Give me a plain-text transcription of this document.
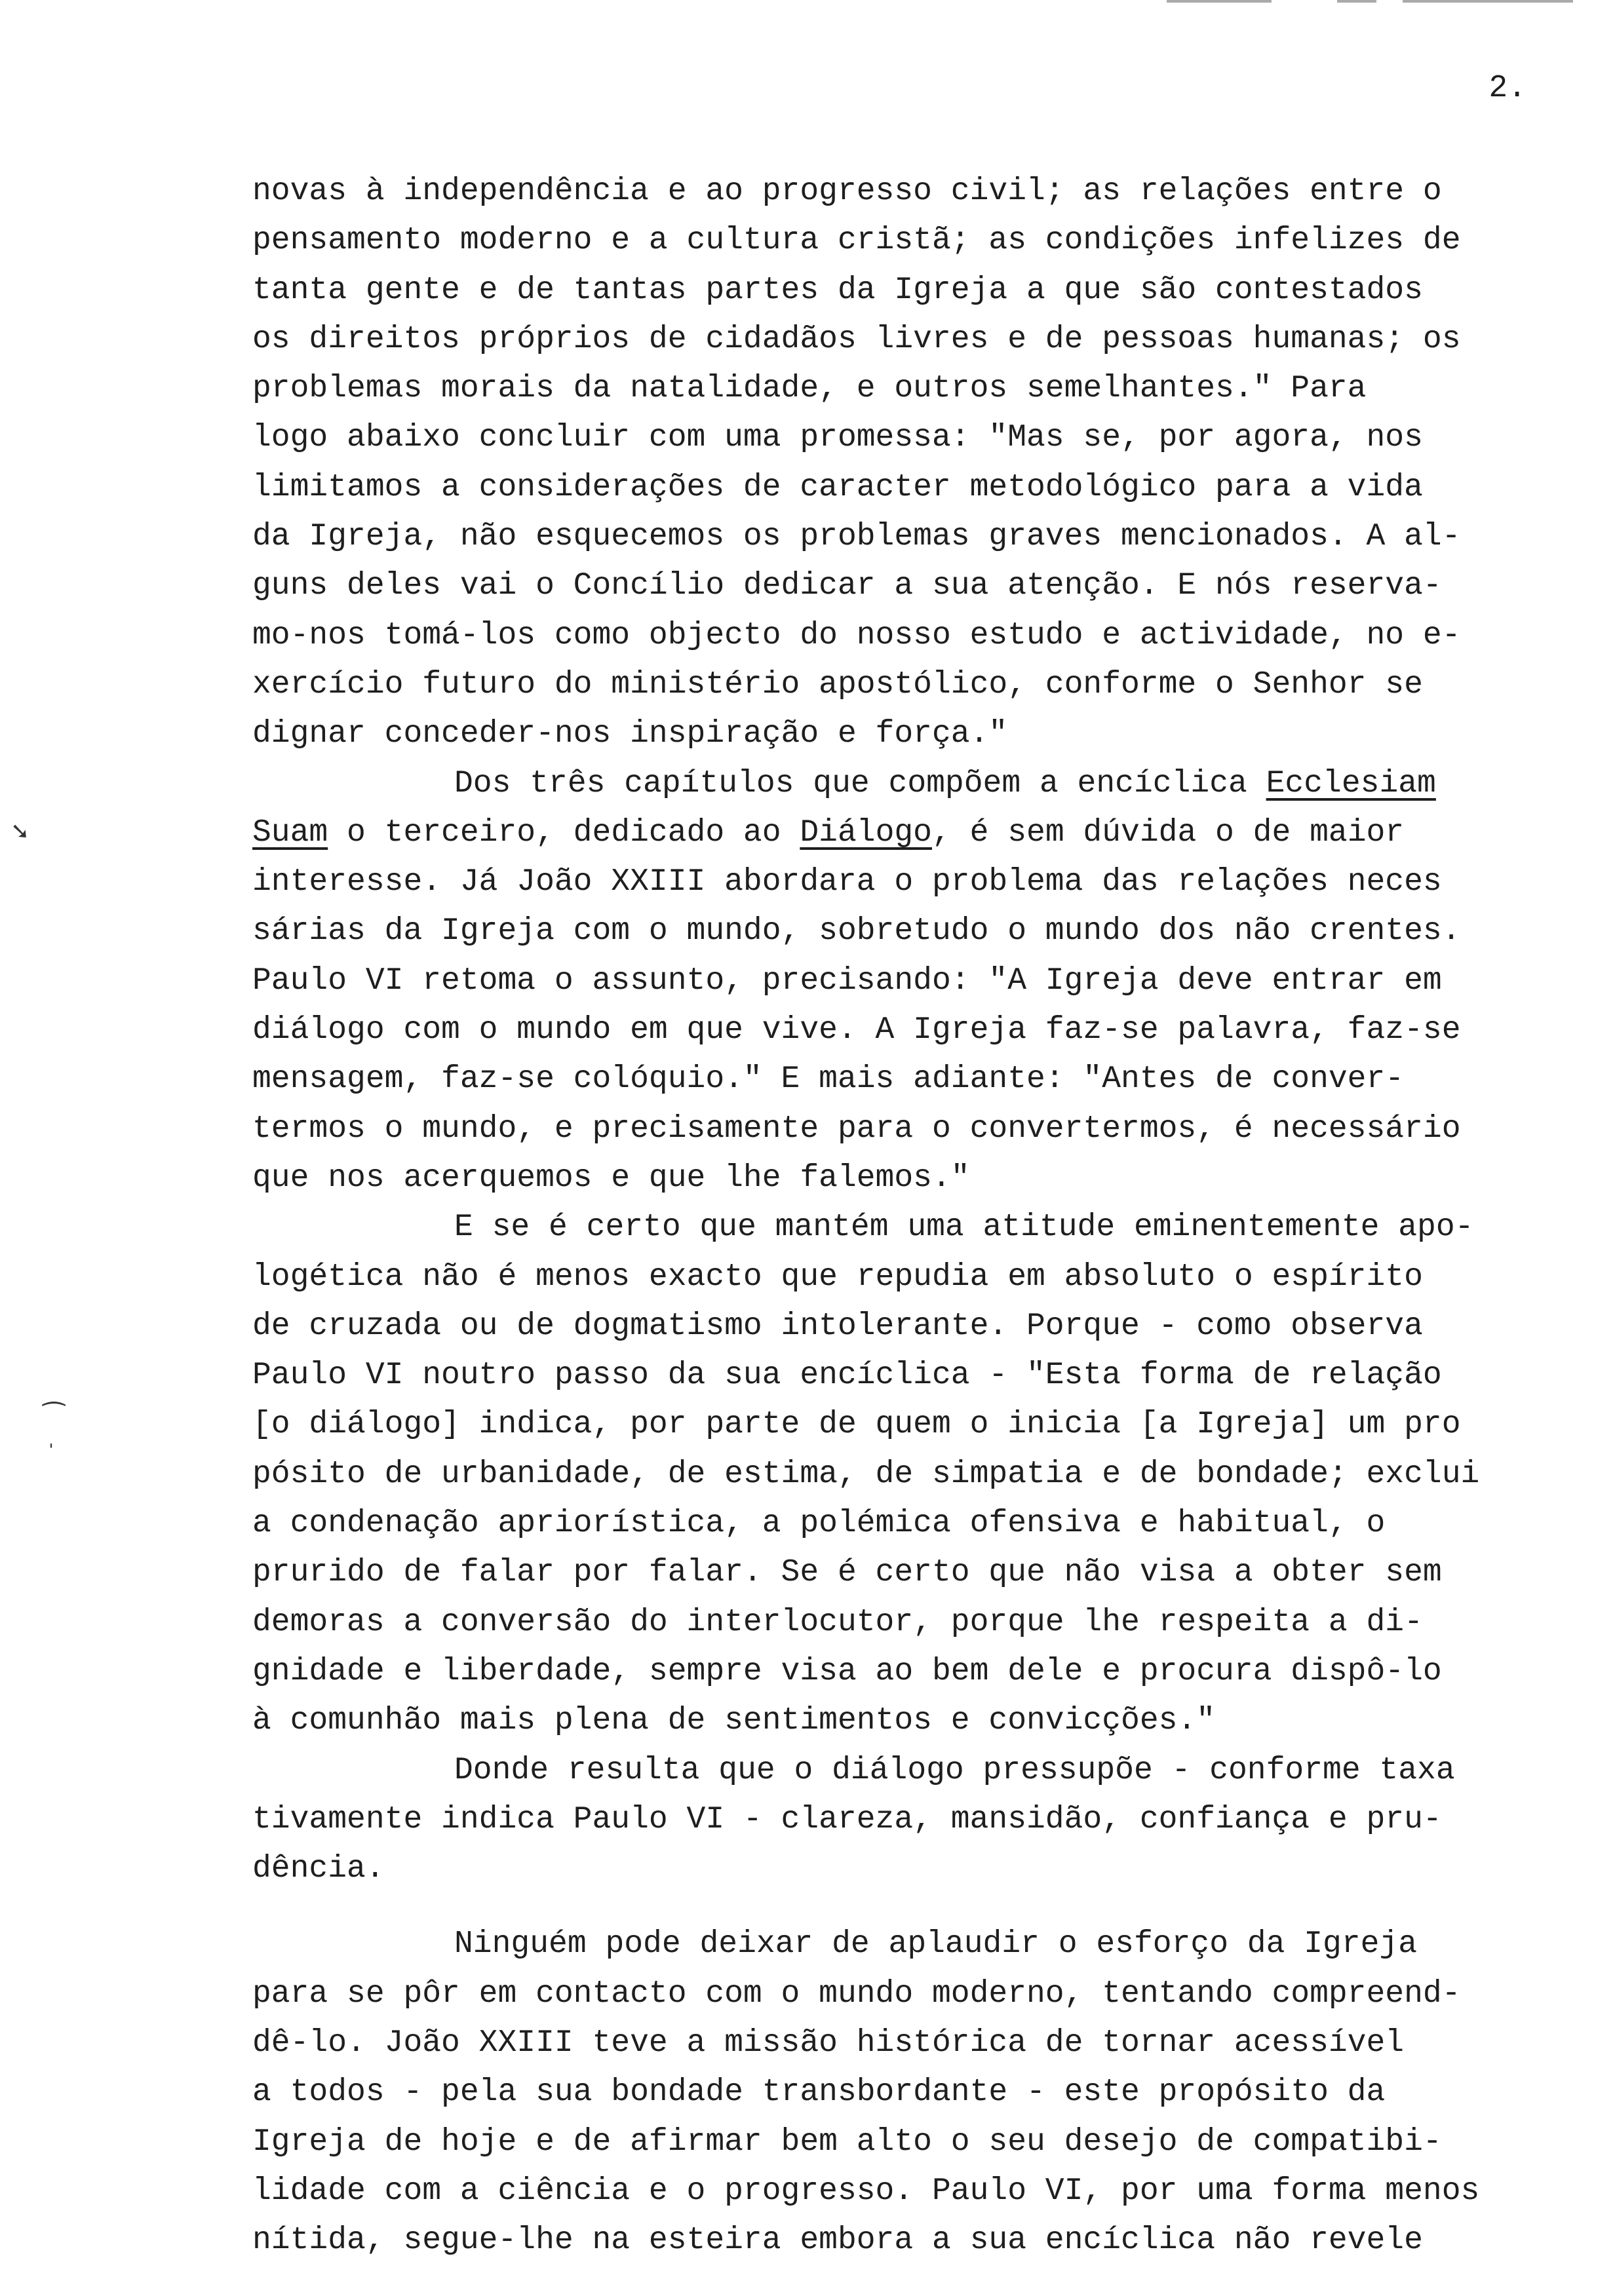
2.
➘
⁀
ˈ
novas à independência e ao progresso civil; as relações entre o
pensamento moderno e a cultura cristã; as condições infelizes de
tanta gente e de tantas partes da Igreja a que são contestados
os direitos próprios de cidadãos livres e de pessoas humanas; os
problemas morais da natalidade, e outros semelhantes." Para
logo abaixo concluir com uma promessa: "Mas se, por agora, nos
limitamos a considerações de caracter metodológico para a vida
da Igreja, não esquecemos os problemas graves mencionados. A al-
guns deles vai o Concílio dedicar a sua atenção. E nós reserva-
mo-nos tomá-los como objecto do nosso estudo e actividade, no e-
xercício futuro do ministério apostólico, conforme o Senhor se
dignar conceder-nos inspiração e força."
Dos três capítulos que compõem a encíclica Ecclesiam
Suam o terceiro, dedicado ao Diálogo, é sem dúvida o de maior
interesse. Já João XXIII abordara o problema das relações neces
sárias da Igreja com o mundo, sobretudo o mundo dos não crentes.
Paulo VI retoma o assunto, precisando: "A Igreja deve entrar em
diálogo com o mundo em que vive. A Igreja faz-se palavra, faz-se
mensagem, faz-se colóquio." E mais adiante: "Antes de conver-
termos o mundo, e precisamente para o convertermos, é necessário
que nos acerquemos e que lhe falemos."
E se é certo que mantém uma atitude eminentemente apo-
logética não é menos exacto que repudia em absoluto o espírito
de cruzada ou de dogmatismo intolerante. Porque - como observa
Paulo VI noutro passo da sua encíclica - "Esta forma de relação
[o diálogo] indica, por parte de quem o inicia [a Igreja] um pro
pósito de urbanidade, de estima, de simpatia e de bondade; exclui
a condenação apriorística, a polémica ofensiva e habitual, o
prurido de falar por falar. Se é certo que não visa a obter sem
demoras a conversão do interlocutor, porque lhe respeita a di-
gnidade e liberdade, sempre visa ao bem dele e procura dispô-lo
à comunhão mais plena de sentimentos e convicções."
Donde resulta que o diálogo pressupõe - conforme taxa
tivamente indica Paulo VI - clareza, mansidão, confiança e pru-
dência.
Ninguém pode deixar de aplaudir o esforço da Igreja
para se pôr em contacto com o mundo moderno, tentando compreend-
dê-lo. João XXIII teve a missão histórica de tornar acessível
a todos - pela sua bondade transbordante - este propósito da
Igreja de hoje e de afirmar bem alto o seu desejo de compatibi-
lidade com a ciência e o progresso. Paulo VI, por uma forma menos
nítida, segue-lhe na esteira embora a sua encíclica não revele
